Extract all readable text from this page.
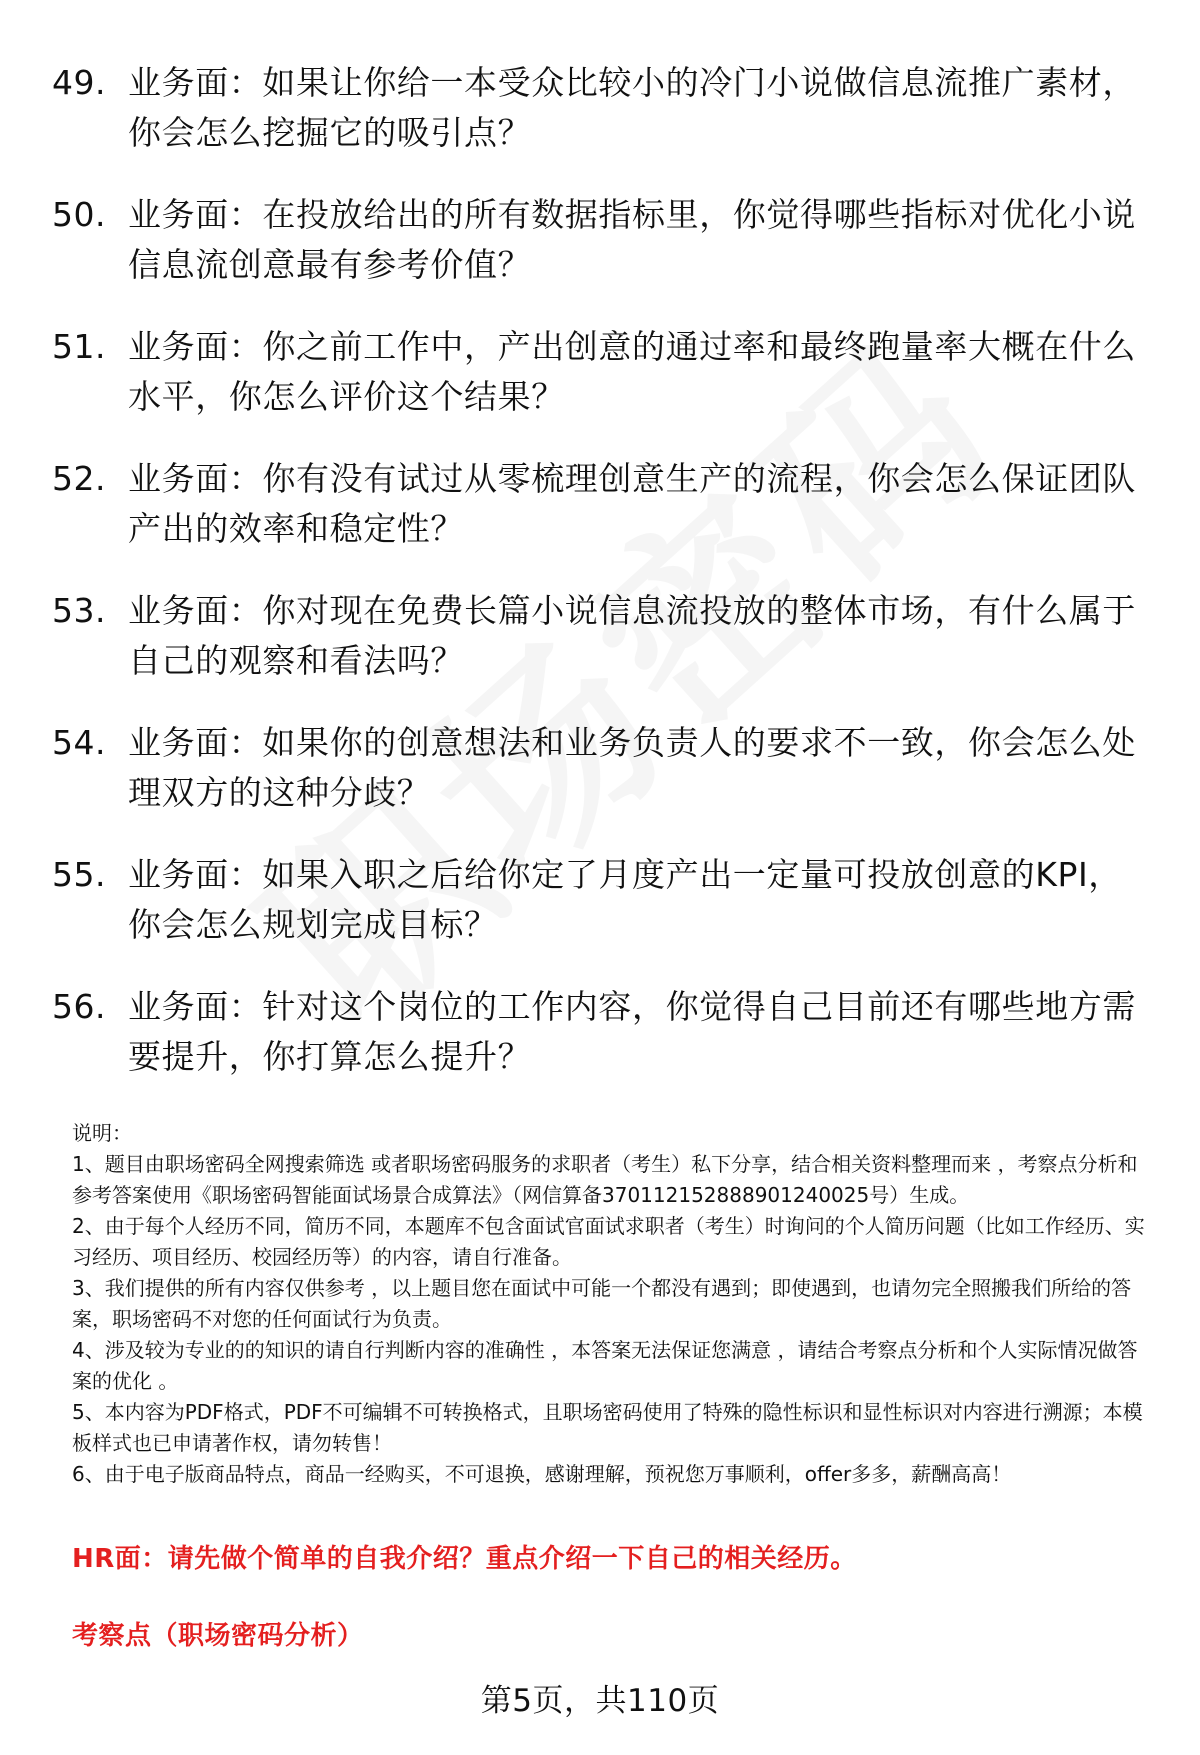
49. 业务面：如果让你给一本受众比较小的冷门小说做信息流推广素材，你会怎么挖掘它的吸引点？
50. 业务面：在投放给出的所有数据指标里，你觉得哪些指标对优化小说信息流创意最有参考价值？
51. 业务面：你之前工作中，产出创意的通过率和最终跑量率大概在什么水平，你怎么评价这个结果？
52. 业务面：你有没有试过从零梳理创意生产的流程，你会怎么保证团队产出的效率和稳定性？
53. 业务面：你对现在免费长篇小说信息流投放的整体市场，有什么属于自己的观察和看法吗？
54. 业务面：如果你的创意想法和业务负责人的要求不一致，你会怎么处理双方的这种分歧？
55. 业务面：如果入职之后给你定了月度产出一定量可投放创意的KPI，你会怎么规划完成目标？
56. 业务面：针对这个岗位的工作内容，你觉得自己目前还有哪些地方需要提升，你打算怎么提升？

说明：

1、题目由职场密码全网搜索筛选 或者职场密码服务的求职者（考生）私下分享，结合相关资料整理而来 ，考察点分析和参考答案使用《职场密码智能面试场景合成算法》（网信算备370112152888901240025号）生成。

2、由于每个人经历不同，简历不同，本题库不包含面试官面试求职者（考生）时询问的个人简历问题（比如工作经历、实习经历、项目经历、校园经历等）的内容，请自行准备。

3、我们提供的所有内容仅供参考 ，以上题目您在面试中可能一个都没有遇到；即使遇到，也请勿完全照搬我们所给的答案，职场密码不对您的任何面试行为负责。

4、涉及较为专业的的知识的请自行判断内容的准确性 ，本答案无法保证您满意 ，请结合考察点分析和个人实际情况做答案的优化 。

5、本内容为PDF格式，PDF不可编辑不可转换格式，且职场密码使用了特殊的隐性标识和显性标识对内容进行溯源；本模板样式也已申请著作权，请勿转售！

6、由于电子版商品特点，商品一经购买，不可退换，感谢理解，预祝您万事顺利，offer多多，薪酬高高！

HR面：请先做个简单的自我介绍？重点介绍一下自己的相关经历。
考察点（职场密码分析）
第5页，共110页
